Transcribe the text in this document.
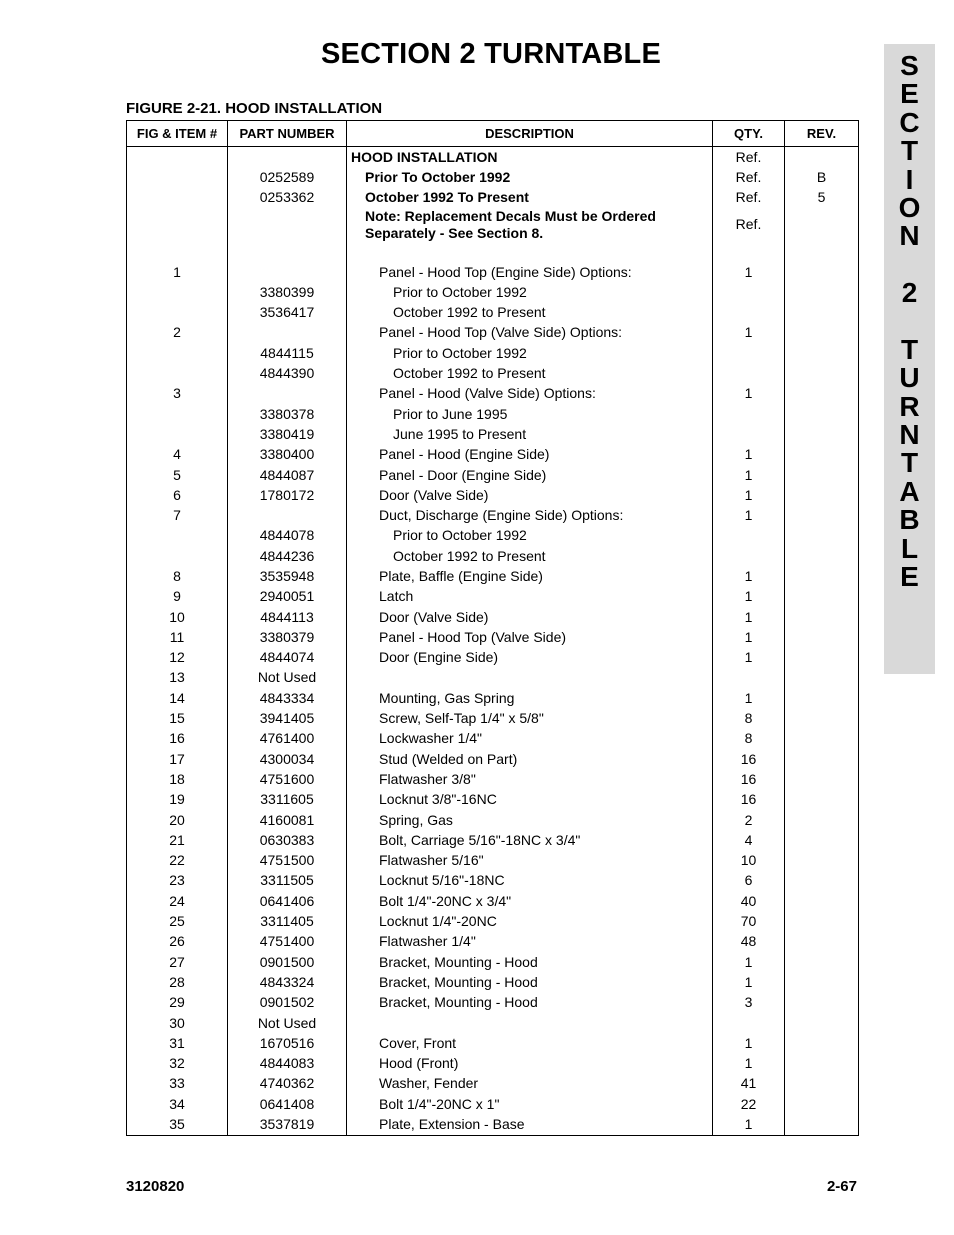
SECTION 2 TURNTABLE
FIGURE 2-21. HOOD INSTALLATION
S
E
C
T
I
O
N
2
T
U
R
N
T
A
B
L
E
FIG & ITEM #	PART NUMBER	DESCRIPTION	QTY.	REV.
		HOOD INSTALLATION	Ref.	
	0252589	Prior To October 1992	Ref.	B
	0253362	October 1992 To Present	Ref.	5
		Note: Replacement Decals Must be Ordered Separately - See Section 8.	Ref.	

1		Panel - Hood Top (Engine Side) Options:	1	
	3380399	Prior to October 1992		
	3536417	October 1992 to Present		
2		Panel - Hood Top (Valve Side) Options:	1	
	4844115	Prior to October 1992		
	4844390	October 1992 to Present		
3		Panel - Hood (Valve Side) Options:	1	
	3380378	Prior to June 1995		
	3380419	June 1995 to Present		
4	3380400	Panel - Hood (Engine Side)	1	
5	4844087	Panel - Door (Engine Side)	1	
6	1780172	Door (Valve Side)	1	
7		Duct, Discharge (Engine Side) Options:	1	
	4844078	Prior to October 1992		
	4844236	October 1992 to Present		
8	3535948	Plate, Baffle (Engine Side)	1	
9	2940051	Latch	1	
10	4844113	Door (Valve Side)	1	
11	3380379	Panel - Hood Top (Valve Side)	1	
12	4844074	Door (Engine Side)	1	
13	Not Used			
14	4843334	Mounting, Gas Spring	1	
15	3941405	Screw, Self-Tap 1/4" x 5/8"	8	
16	4761400	Lockwasher 1/4"	8	
17	4300034	Stud (Welded on Part)	16	
18	4751600	Flatwasher 3/8"	16	
19	3311605	Locknut 3/8"-16NC	16	
20	4160081	Spring, Gas	2	
21	0630383	Bolt, Carriage 5/16"-18NC x 3/4"	4	
22	4751500	Flatwasher 5/16"	10	
23	3311505	Locknut 5/16"-18NC	6	
24	0641406	Bolt 1/4"-20NC x 3/4"	40	
25	3311405	Locknut 1/4"-20NC	70	
26	4751400	Flatwasher 1/4"	48	
27	0901500	Bracket, Mounting - Hood	1	
28	4843324	Bracket, Mounting - Hood	1	
29	0901502	Bracket, Mounting - Hood	3	
30	Not Used			
31	1670516	Cover, Front	1	
32	4844083	Hood (Front)	1	
33	4740362	Washer, Fender	41	
34	0641408	Bolt 1/4"-20NC x 1"	22	
35	3537819	Plate, Extension - Base	1	
3120820	2-67
